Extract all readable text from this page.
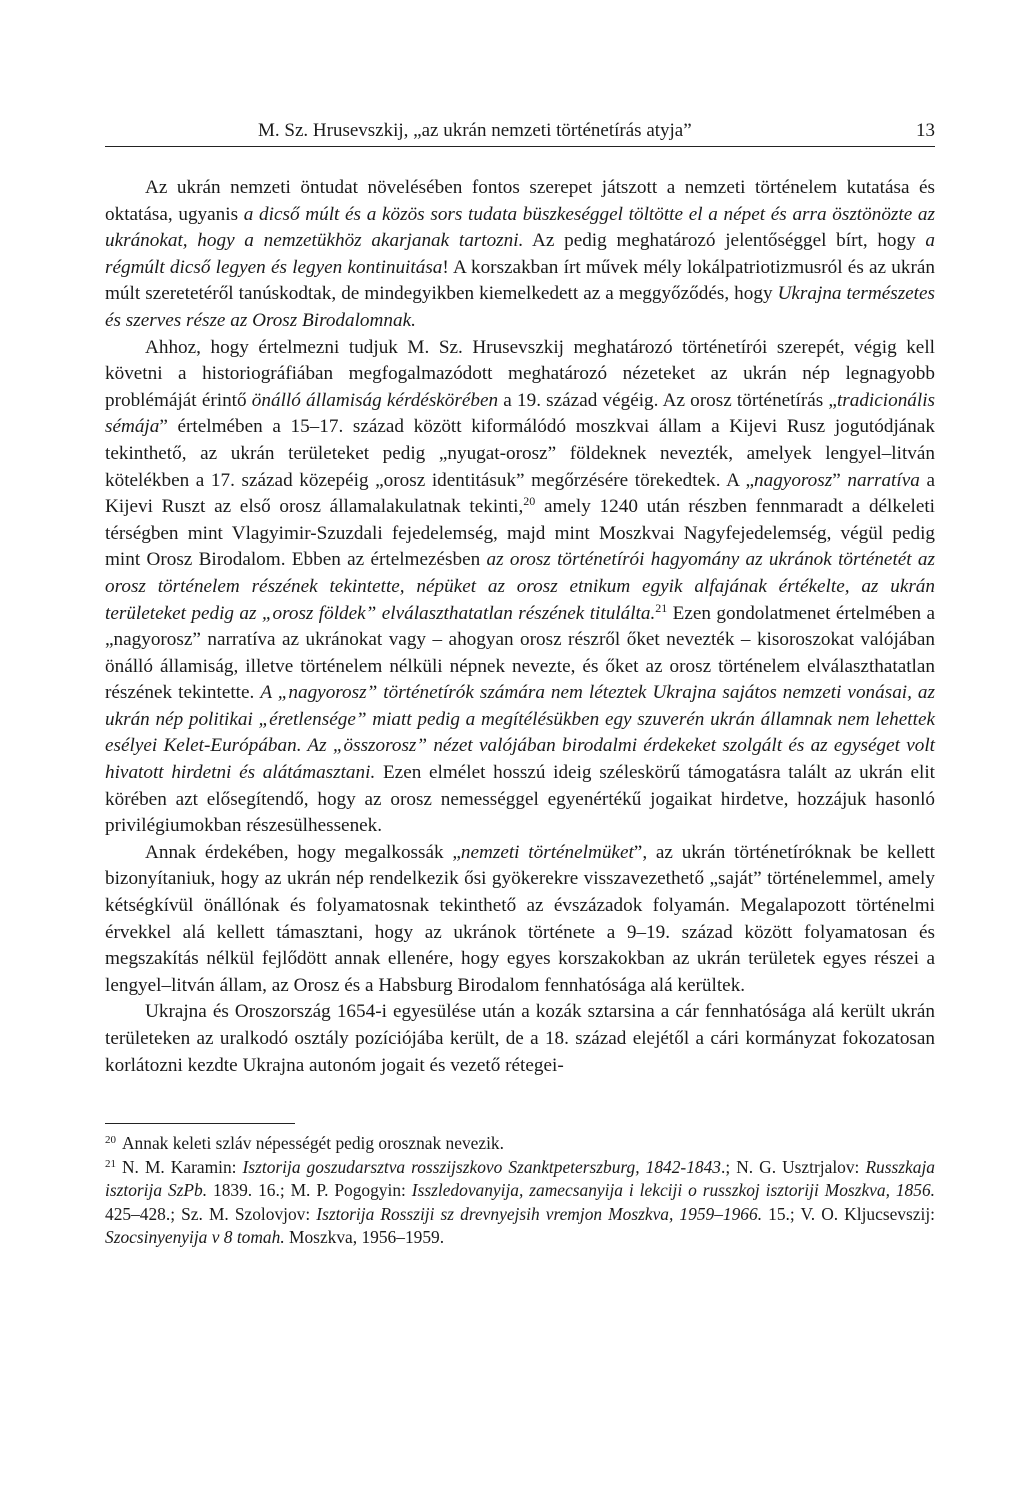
M. Sz. Hrusevszkij, „az ukrán nemzeti történetírás atyja”	13

Az ukrán nemzeti öntudat növelésében fontos szerepet játszott a nemzeti történelem kutatása és oktatása, ugyanis a dicső múlt és a közös sors tudata büszkeséggel töltötte el a népet és arra ösztönözte az ukránokat, hogy a nemzetükhöz akarjanak tartozni. Az pedig meghatározó jelentőséggel bírt, hogy a régmúlt dicső legyen és legyen kontinuitása! A korszakban írt művek mély lokálpatriotizmusról és az ukrán múlt szeretetéről tanúskodtak, de mindegyikben kiemelkedett az a meggyőződés, hogy Ukrajna természetes és szerves része az Orosz Birodalomnak.

Ahhoz, hogy értelmezni tudjuk M. Sz. Hrusevszkij meghatározó történetírói szerepét, végig kell követni a historiográfiában megfogalmazódott meghatározó nézeteket az ukrán nép legnagyobb problémáját érintő önálló államiság kérdéskörében a 19. század végéig. Az orosz történetírás „tradicionális sémája” értelmében a 15–17. század között kiformálódó moszkvai állam a Kijevi Rusz jogutódjának tekinthető, az ukrán területeket pedig „nyugat-orosz” földeknek nevezték, amelyek lengyel–litván kötelékben a 17. század közepéig „orosz identitásuk” megőrzésére törekedtek. A „nagyorosz” narratíva a Kijevi Ruszt az első orosz államalakulatnak tekinti,$^{20}$ amely 1240 után részben fennmaradt a délkeleti térségben mint Vlagyimir-Szuzdali fejedelemség, majd mint Moszkvai Nagyfejedelemség, végül pedig mint Orosz Birodalom. Ebben az értelmezésben az orosz történetírói hagyomány az ukránok történetét az orosz történelem részének tekintette, népüket az orosz etnikum egyik alfajának értékelte, az ukrán területeket pedig az „orosz földek” elválaszthatatlan részének titulálta.$^{21}$ Ezen gondolatmenet értelmében a „nagyorosz” narratíva az ukránokat vagy – ahogyan orosz részről őket nevezték – kisoroszokat valójában önálló államiság, illetve történelem nélküli népnek nevezte, és őket az orosz történelem elválaszthatatlan részének tekintette. A „nagyorosz” történetírók számára nem léteztek Ukrajna sajátos nemzeti vonásai, az ukrán nép politikai „éretlensége” miatt pedig a megítélésükben egy szuverén ukrán államnak nem lehettek esélyei Kelet-Európában. Az „összorosz” nézet valójában birodalmi érdekeket szolgált és az egységet volt hivatott hirdetni és alátámasztani. Ezen elmélet hosszú ideig széleskörű támogatásra talált az ukrán elit körében azt elősegítendő, hogy az orosz nemességgel egyenértékű jogaikat hirdetve, hozzájuk hasonló privilégiumokban részesülhessenek.

Annak érdekében, hogy megalkossák „nemzeti történelmüket”, az ukrán történetíróknak be kellett bizonyítaniuk, hogy az ukrán nép rendelkezik ősi gyökerekre visszavezethető „saját” történelemmel, amely kétségkívül önállónak és folyamatosnak tekinthető az évszázadok folyamán. Megalapozott történelmi érvekkel alá kellett támasztani, hogy az ukránok története a 9–19. század között folyamatosan és megszakítás nélkül fejlődött annak ellenére, hogy egyes korszakokban az ukrán területek egyes részei a lengyel–litván állam, az Orosz és a Habsburg Birodalom fennhatósága alá kerültek.

Ukrajna és Oroszország 1654-i egyesülése után a kozák sztarsina a cár fennhatósága alá került ukrán területeken az uralkodó osztály pozíciójába került, de a 18. század elejétől a cári kormányzat fokozatosan korlátozni kezdte Ukrajna autonóm jogait és vezető rétegei-

$^{20}$ Annak keleti szláv népességét pedig orosznak nevezik.

$^{21}$ N. M. Karamin: Isztorija goszudarsztva rosszijszkovo Szanktpeterszburg, 1842-1843.; N. G. Usztrjalov: Russzkaja isztorija SzPb. 1839. 16.; M. P. Pogogyin: Isszledovanyija, zamecsanyija i lekciji o russzkoj isztoriji Moszkva, 1856. 425–428.; Sz. M. Szolovjov: Isztorija Rossziji sz drevnyejsih vremjon Moszkva, 1959–1966. 15.; V. O. Kljucsevszij: Szocsinyenyija v 8 tomah. Moszkva, 1956–1959.
